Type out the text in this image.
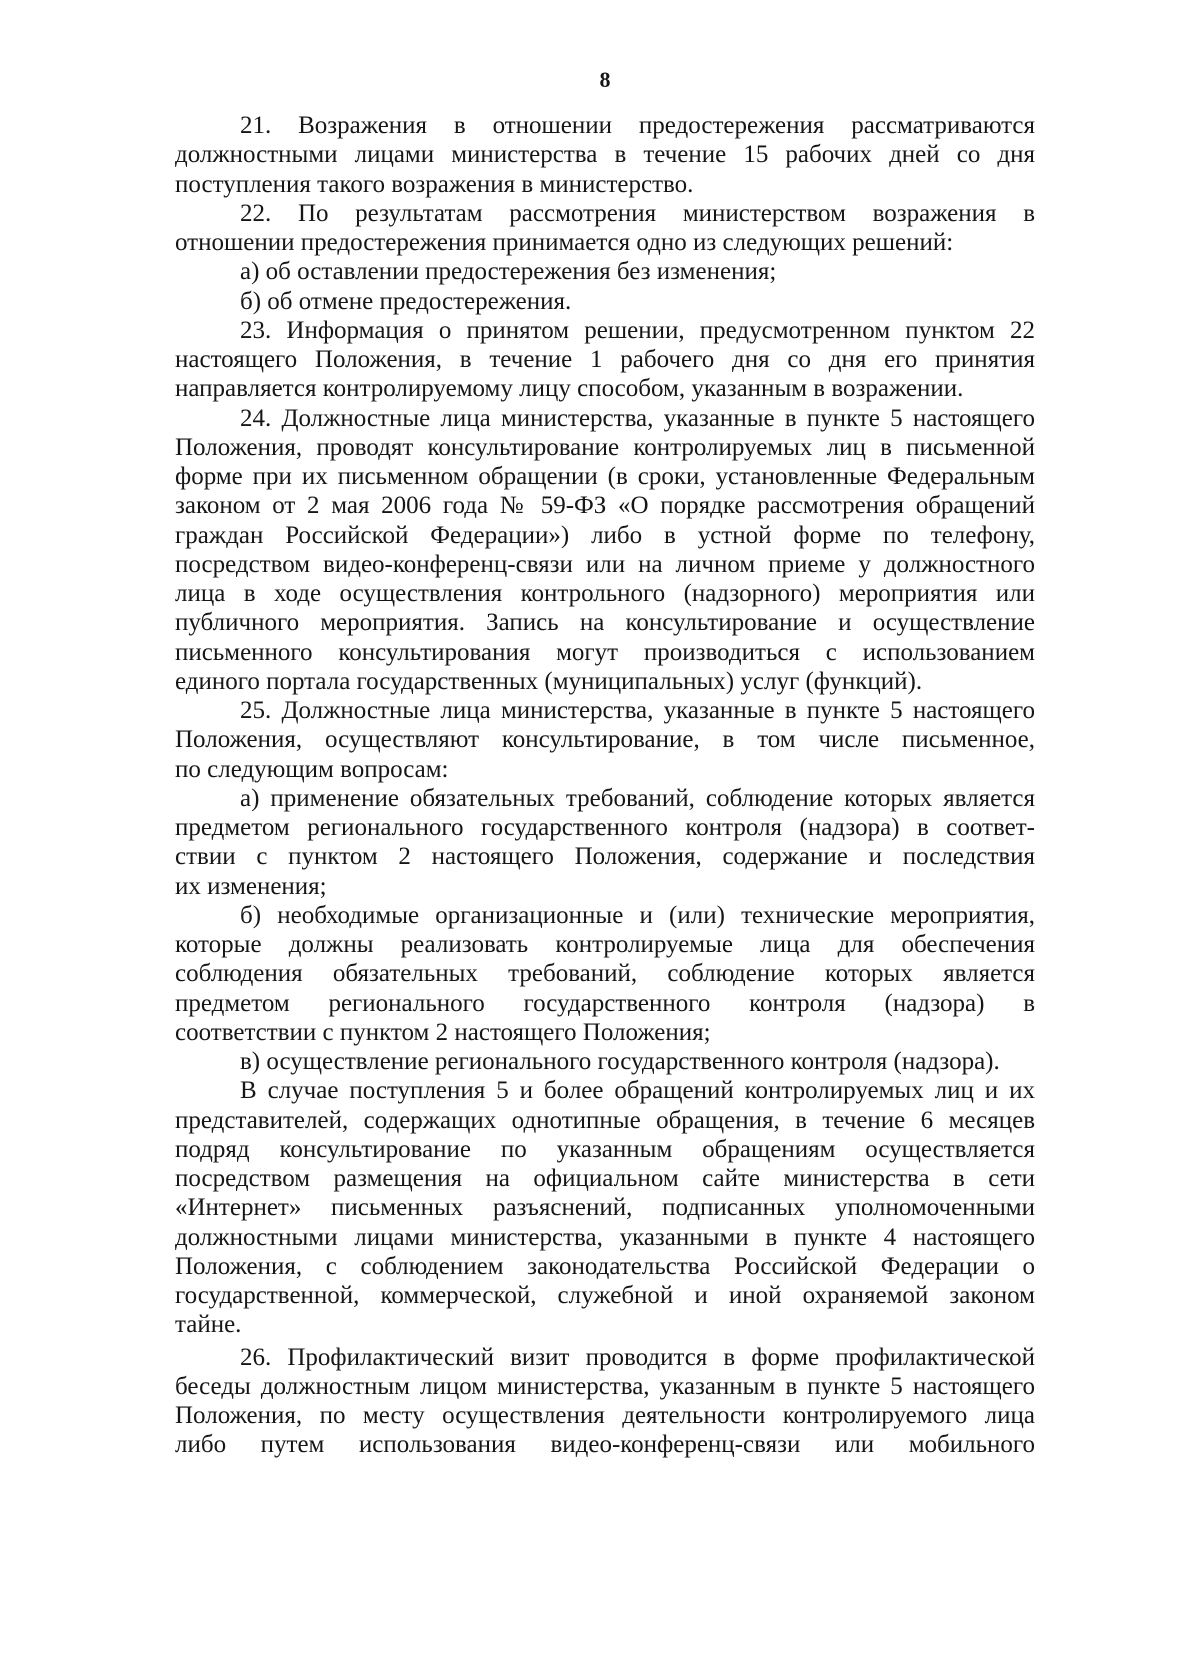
8
21. Возражения в отношении предостережения рассматриваются
должностными лицами министерства в течение 15 рабочих дней со дня
поступления такого возражения в министерство.
22. По результатам рассмотрения министерством возражения в
отношении предостережения принимается одно из следующих решений:
а) об оставлении предостережения без изменения;
б) об отмене предостережения.
23. Информация о принятом решении, предусмотренном пунктом 22
настоящего Положения, в течение 1 рабочего дня со дня его принятия
направляется контролируемому лицу способом, указанным в возражении.
24. Должностные лица министерства, указанные в пункте 5 настоящего
Положения, проводят консультирование контролируемых лиц в письменной
форме при их письменном обращении (в сроки, установленные Федеральным
законом от 2 мая 2006 года № 59-ФЗ «О порядке рассмотрения обращений
граждан Российской Федерации») либо в устной форме по телефону,
посредством видео-конференц-связи или на личном приеме у должностного
лица в ходе осуществления контрольного (надзорного) мероприятия или
публичного мероприятия. Запись на консультирование и осуществление
письменного консультирования могут производиться с использованием
единого портала государственных (муниципальных) услуг (функций).
25. Должностные лица министерства, указанные в пункте 5 настоящего
Положения, осуществляют консультирование, в том числе письменное,
по следующим вопросам:
а) применение обязательных требований, соблюдение которых является
предметом регионального государственного контроля (надзора) в соответ-
ствии с пунктом 2 настоящего Положения, содержание и последствия
их изменения;
б) необходимые организационные и (или) технические мероприятия,
которые должны реализовать контролируемые лица для обеспечения
соблюдения обязательных требований, соблюдение которых является
предметом регионального государственного контроля (надзора) в
соответствии с пунктом 2 настоящего Положения;
в) осуществление регионального государственного контроля (надзора).
В случае поступления 5 и более обращений контролируемых лиц и их
представителей, содержащих однотипные обращения, в течение 6 месяцев
подряд консультирование по указанным обращениям осуществляется
посредством размещения на официальном сайте министерства в сети
«Интернет» письменных разъяснений, подписанных уполномоченными
должностными лицами министерства, указанными в пункте 4 настоящего
Положения, с соблюдением законодательства Российской Федерации о
государственной, коммерческой, служебной и иной охраняемой законом
тайне.
26. Профилактический визит проводится в форме профилактической
беседы должностным лицом министерства, указанным в пункте 5 настоящего
Положения, по месту осуществления деятельности контролируемого лица
либо путем использования видео-конференц-связи или мобильного
